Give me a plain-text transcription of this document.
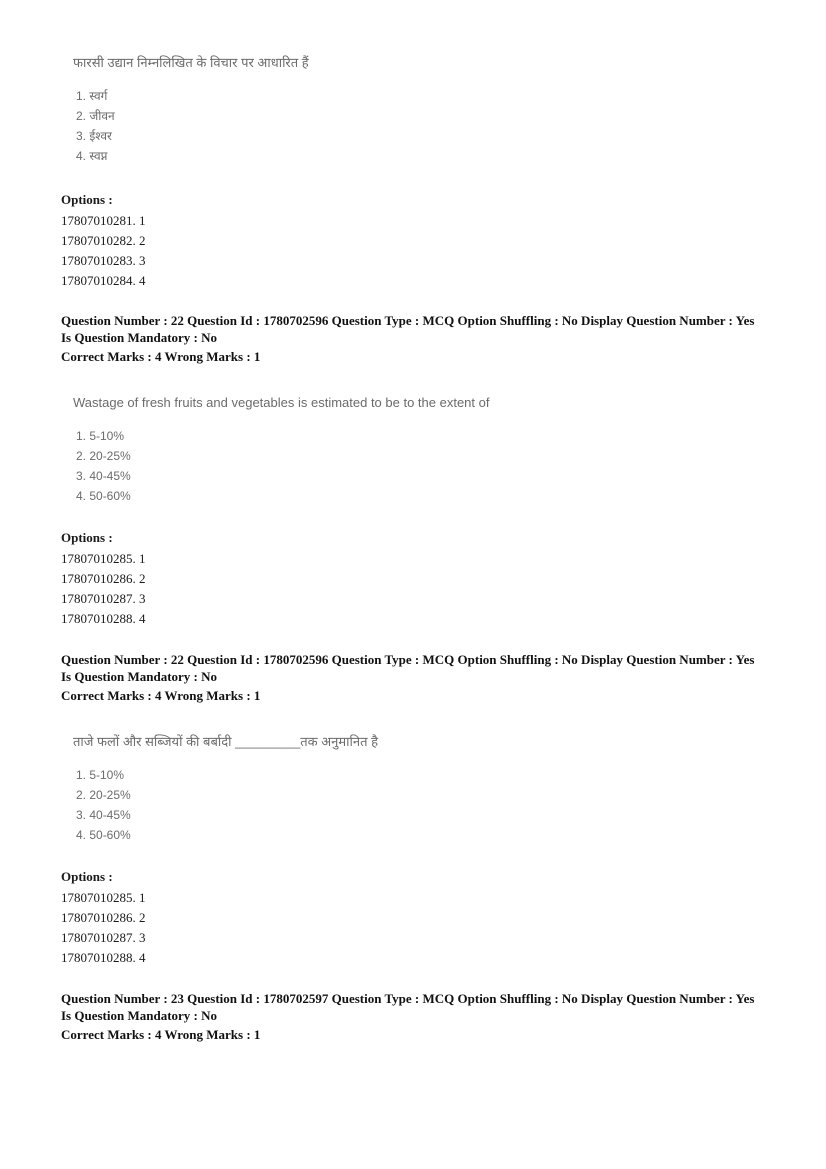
फारसी उद्यान निम्नलिखित के विचार पर आधारित हैं

1. स्वर्ग
2. जीवन
3. ईश्वर
4. स्वप्न
Options :
17807010281. 1
17807010282. 2
17807010283. 3
17807010284. 4
Question Number : 22 Question Id : 1780702596 Question Type : MCQ Option Shuffling : No Display Question Number : Yes
Is Question Mandatory : No
Correct Marks : 4 Wrong Marks : 1

Wastage of fresh fruits and vegetables is estimated to be to the extent of

1. 5-10%
2. 20-25%
3. 40-45%
4. 50-60%
Options :
17807010285. 1
17807010286. 2
17807010287. 3
17807010288. 4
Question Number : 22 Question Id : 1780702596 Question Type : MCQ Option Shuffling : No Display Question Number : Yes
Is Question Mandatory : No
Correct Marks : 4 Wrong Marks : 1

ताजे फलों और सब्जियों की बर्बादी _________तक अनुमानित है

1. 5-10%
2. 20-25%
3. 40-45%
4. 50-60%
Options :
17807010285. 1
17807010286. 2
17807010287. 3
17807010288. 4
Question Number : 23 Question Id : 1780702597 Question Type : MCQ Option Shuffling : No Display Question Number : Yes
Is Question Mandatory : No
Correct Marks : 4 Wrong Marks : 1
